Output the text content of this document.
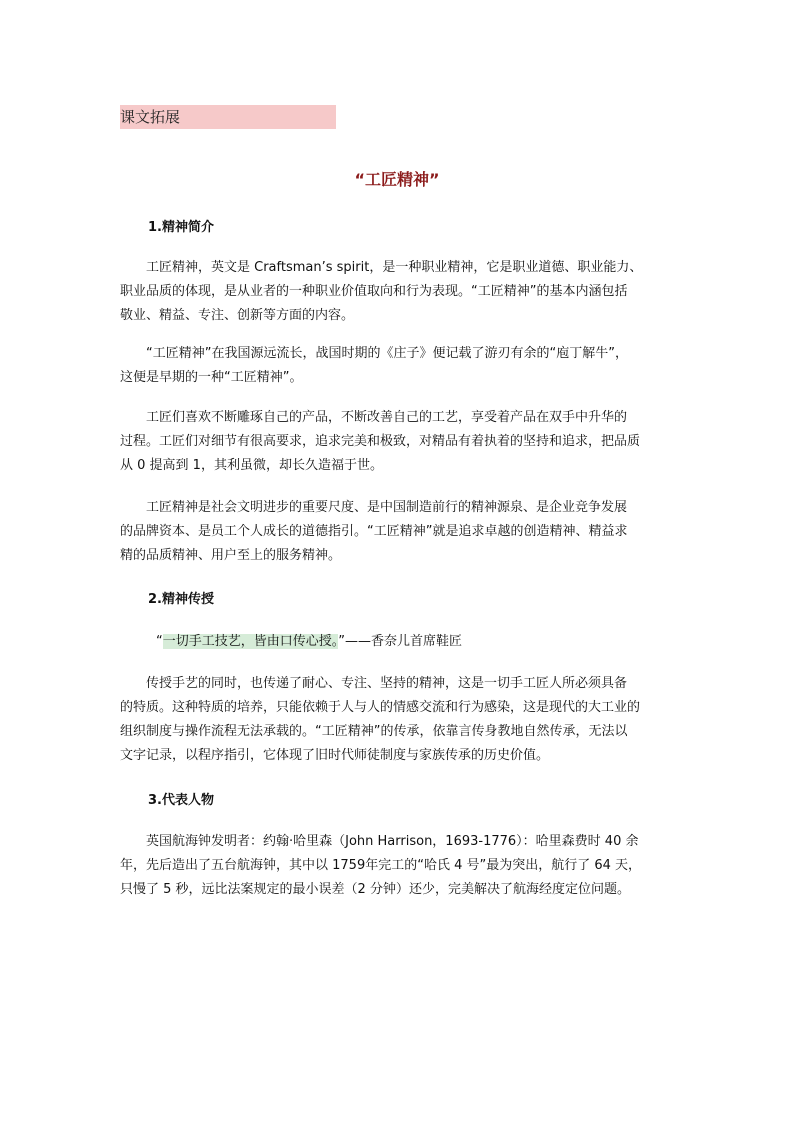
课文拓展
“工匠精神”
1.精神简介
　　工匠精神，英文是 Craftsman’s spirit，是一种职业精神，它是职业道德、职业能力、
职业品质的体现，是从业者的一种职业价值取向和行为表现。“工匠精神”的基本内涵包括
敬业、精益、专注、创新等方面的内容。
　　“工匠精神”在我国源远流长，战国时期的《庄子》便记载了游刃有余的“庖丁解牛”，
这便是早期的一种“工匠精神”。
　　工匠们喜欢不断雕琢自己的产品，不断改善自己的工艺，享受着产品在双手中升华的
过程。工匠们对细节有很高要求，追求完美和极致，对精品有着执着的坚持和追求，把品质
从 0 提高到 1，其利虽微，却长久造福于世。
　　工匠精神是社会文明进步的重要尺度、是中国制造前行的精神源泉、是企业竞争发展
的品牌资本、是员工个人成长的道德指引。“工匠精神”就是追求卓越的创造精神、精益求
精的品质精神、用户至上的服务精神。
2.精神传授
“一切手工技艺，皆由口传心授。”——香奈儿首席鞋匠
　　传授手艺的同时，也传递了耐心、专注、坚持的精神，这是一切手工匠人所必须具备
的特质。这种特质的培养，只能依赖于人与人的情感交流和行为感染，这是现代的大工业的
组织制度与操作流程无法承载的。“工匠精神”的传承，依靠言传身教地自然传承，无法以
文字记录，以程序指引，它体现了旧时代师徒制度与家族传承的历史价值。
3.代表人物
　　英国航海钟发明者：约翰·哈里森（John Harrison，1693-1776）：哈里森费时 40 余
年，先后造出了五台航海钟，其中以 1759年完工的“哈氏 4 号”最为突出，航行了 64 天，
只慢了 5 秒，远比法案规定的最小误差（2 分钟）还少，完美解决了航海经度定位问题。
